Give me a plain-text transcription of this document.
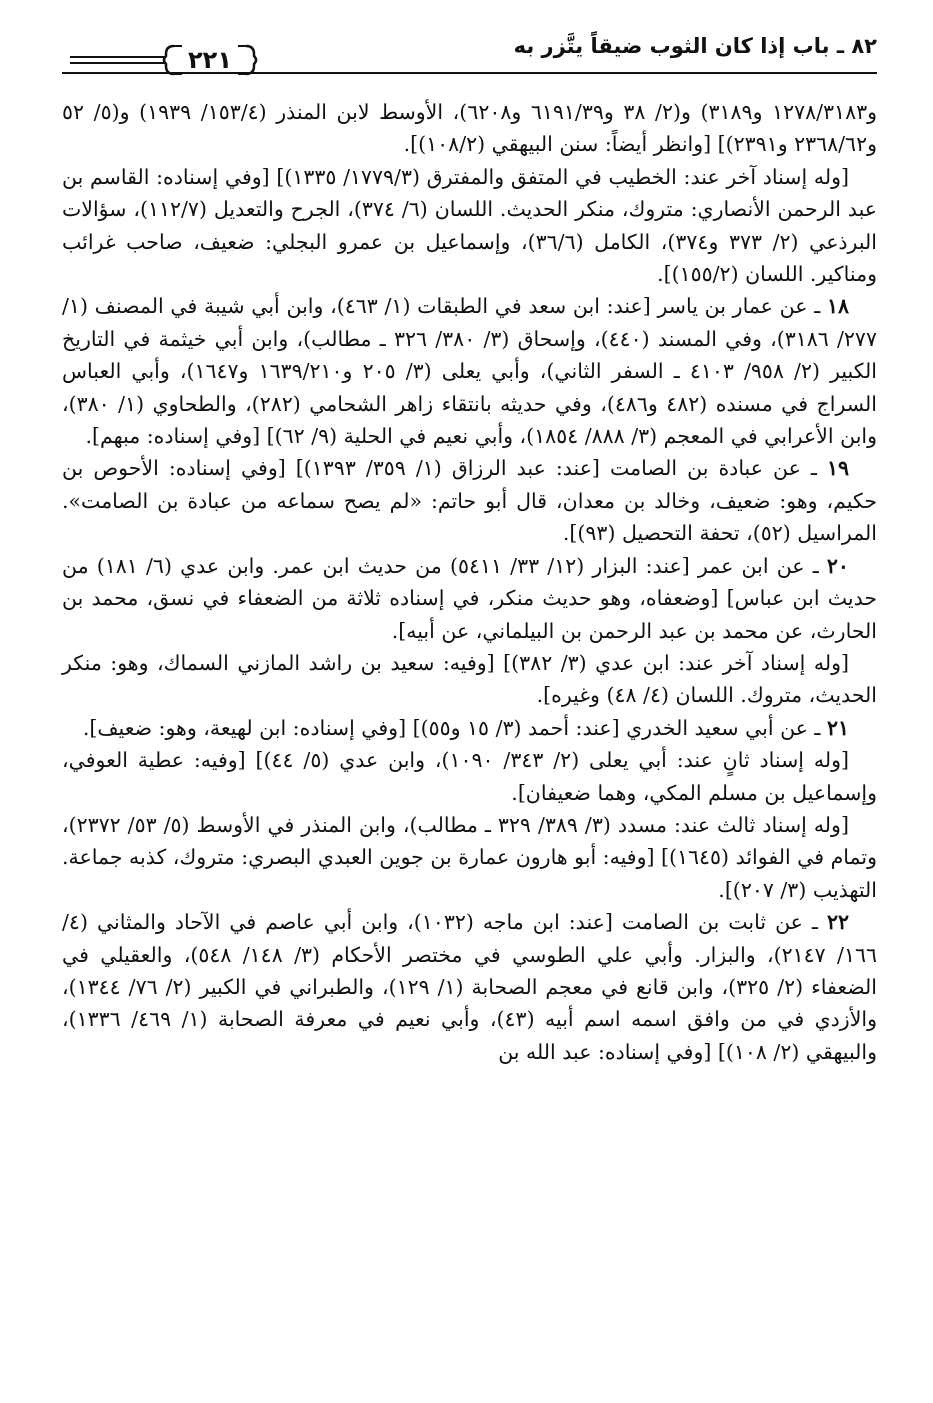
٨٢ ـ باب إذا كان الثوب ضيقاً يتَّزر به
٢٢١

و١٢٧٨/٣١٨٣ و٣١٨٩) و(٢/ ٣٨ و٦١٩١/٣٩ و٦٢٠٨)، الأوسط لابن المنذر (١٥٣/٤/ ١٩٣٩) و(٥/ ٥٢ و٢٣٦٨/٦٢ و٢٣٩١)] [وانظر أيضاً: سنن البيهقي (١٠٨/٢)].

[وله إسناد آخر عند: الخطيب في المتفق والمفترق (١٧٧٩/٣/ ١٣٣٥)] [وفي إسناده: القاسم بن عبد الرحمن الأنصاري: متروك، منكر الحديث. اللسان (٦/ ٣٧٤)، الجرح والتعديل (١١٢/٧)، سؤالات البرذعي (٢/ ٣٧٣ و٣٧٤)، الكامل (٣٦/٦)، وإسماعيل بن عمرو البجلي: ضعيف، صاحب غرائب ومناكير. اللسان (١٥٥/٢)].

١٨ ـ عن عمار بن ياسر [عند: ابن سعد في الطبقات (١/ ٤٦٣)، وابن أبي شيبة في المصنف (١/ ٢٧٧/ ٣١٨٦)، وفي المسند (٤٤٠)، وإسحاق (٣/ ٣٨٠/ ٣٢٦ ـ مطالب)، وابن أبي خيثمة في التاريخ الكبير (٢/ ٩٥٨/ ٤١٠٣ ـ السفر الثاني)، وأبي يعلى (٣/ ٢٠٥ و١٦٣٩/٢١٠ و١٦٤٧)، وأبي العباس السراج في مسنده (٤٨٢ و٤٨٦)، وفي حديثه بانتقاء زاهر الشحامي (٢٨٢)، والطحاوي (١/ ٣٨٠)، وابن الأعرابي في المعجم (٣/ ٨٨٨/ ١٨٥٤)، وأبي نعيم في الحلية (٩/ ٦٢)] [وفي إسناده: مبهم].

١٩ ـ عن عبادة بن الصامت [عند: عبد الرزاق (١/ ٣٥٩/ ١٣٩٣)] [وفي إسناده: الأحوص بن حكيم، وهو: ضعيف، وخالد بن معدان، قال أبو حاتم: «لم يصح سماعه من عبادة بن الصامت». المراسيل (٥٢)، تحفة التحصيل (٩٣)].

٢٠ ـ عن ابن عمر [عند: البزار (١٢/ ٣٣/ ٥٤١١) من حديث ابن عمر. وابن عدي (٦/ ١٨١) من حديث ابن عباس] [وضعفاه، وهو حديث منكر، في إسناده ثلاثة من الضعفاء في نسق، محمد بن الحارث، عن محمد بن عبد الرحمن بن البيلماني، عن أبيه].

[وله إسناد آخر عند: ابن عدي (٣/ ٣٨٢)] [وفيه: سعيد بن راشد المازني السماك، وهو: منكر الحديث، متروك. اللسان (٤/ ٤٨) وغيره].

٢١ ـ عن أبي سعيد الخدري [عند: أحمد (٣/ ١٥ و٥٥)] [وفي إسناده: ابن لهيعة، وهو: ضعيف].

[وله إسناد ثانٍ عند: أبي يعلى (٢/ ٣٤٣/ ١٠٩٠)، وابن عدي (٥/ ٤٤)] [وفيه: عطية العوفي، وإسماعيل بن مسلم المكي، وهما ضعيفان].

[وله إسناد ثالث عند: مسدد (٣/ ٣٨٩/ ٣٢٩ ـ مطالب)، وابن المنذر في الأوسط (٥/ ٥٣/ ٢٣٧٢)، وتمام في الفوائد (١٦٤٥)] [وفيه: أبو هارون عمارة بن جوين العبدي البصري: متروك، كذبه جماعة. التهذيب (٣/ ٢٠٧)].

٢٢ ـ عن ثابت بن الصامت [عند: ابن ماجه (١٠٣٢)، وابن أبي عاصم في الآحاد والمثاني (٤/ ١٦٦/ ٢١٤٧)، والبزار. وأبي علي الطوسي في مختصر الأحكام (٣/ ١٤٨/ ٥٤٨)، والعقيلي في الضعفاء (٢/ ٣٢٥)، وابن قانع في معجم الصحابة (١/ ١٢٩)، والطبراني في الكبير (٢/ ٧٦/ ١٣٤٤)، والأزدي في من وافق اسمه اسم أبيه (٤٣)، وأبي نعيم في معرفة الصحابة (١/ ٤٦٩/ ١٣٣٦)، والبيهقي (٢/ ١٠٨)] [وفي إسناده: عبد الله بن
